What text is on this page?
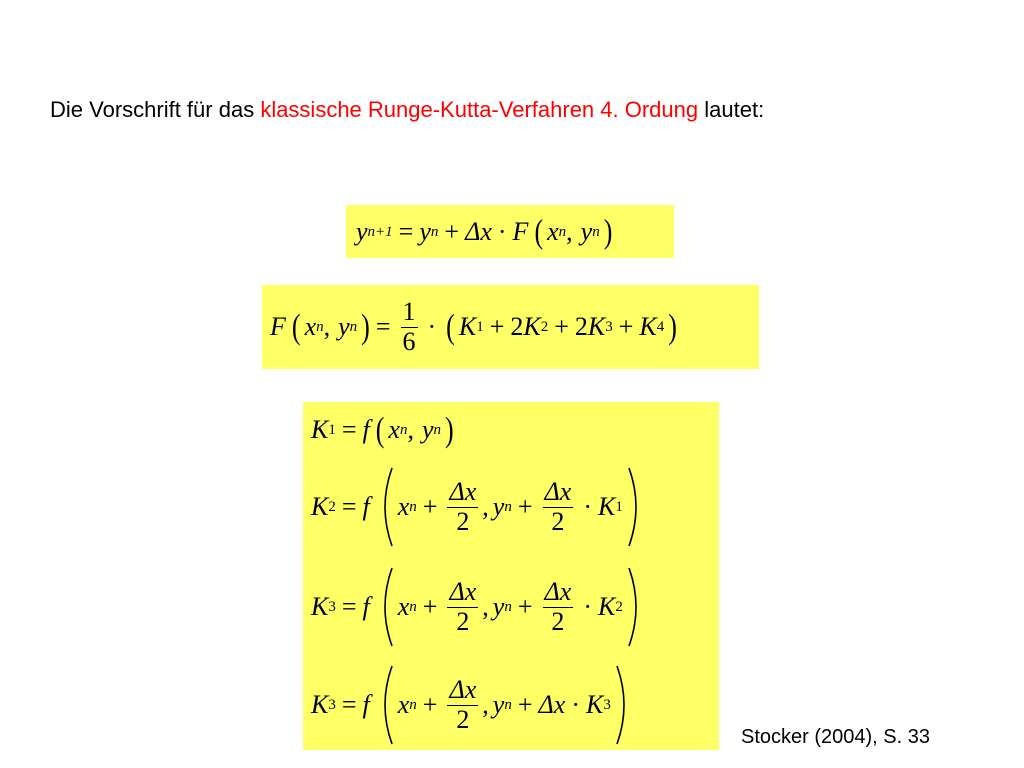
Die Vorschrift für das klassische Runge-Kutta-Verfahren 4. Ordung lautet:
y n+1 = y n + Δx · F ( x n , y n )
F ( x n , y n ) = $\frac{1}{6}$ · ( K 1 + 2 K 2 + 2 K 3 + K 4 )
K 1 = f ( x n , y n )
K 2 = f x $n + \frac{\Delta x}{2}$ , y $n + \frac{\Delta x}{2} \cdot K$ 1
K 3 = f x $n + \frac{\Delta x}{2}$ , y $n + \frac{\Delta x}{2} \cdot K$ 2
K 3 = f x $n + \frac{\Delta x}{2}$ , y n + Δx · K 3
Stocker (2004), S. 33
